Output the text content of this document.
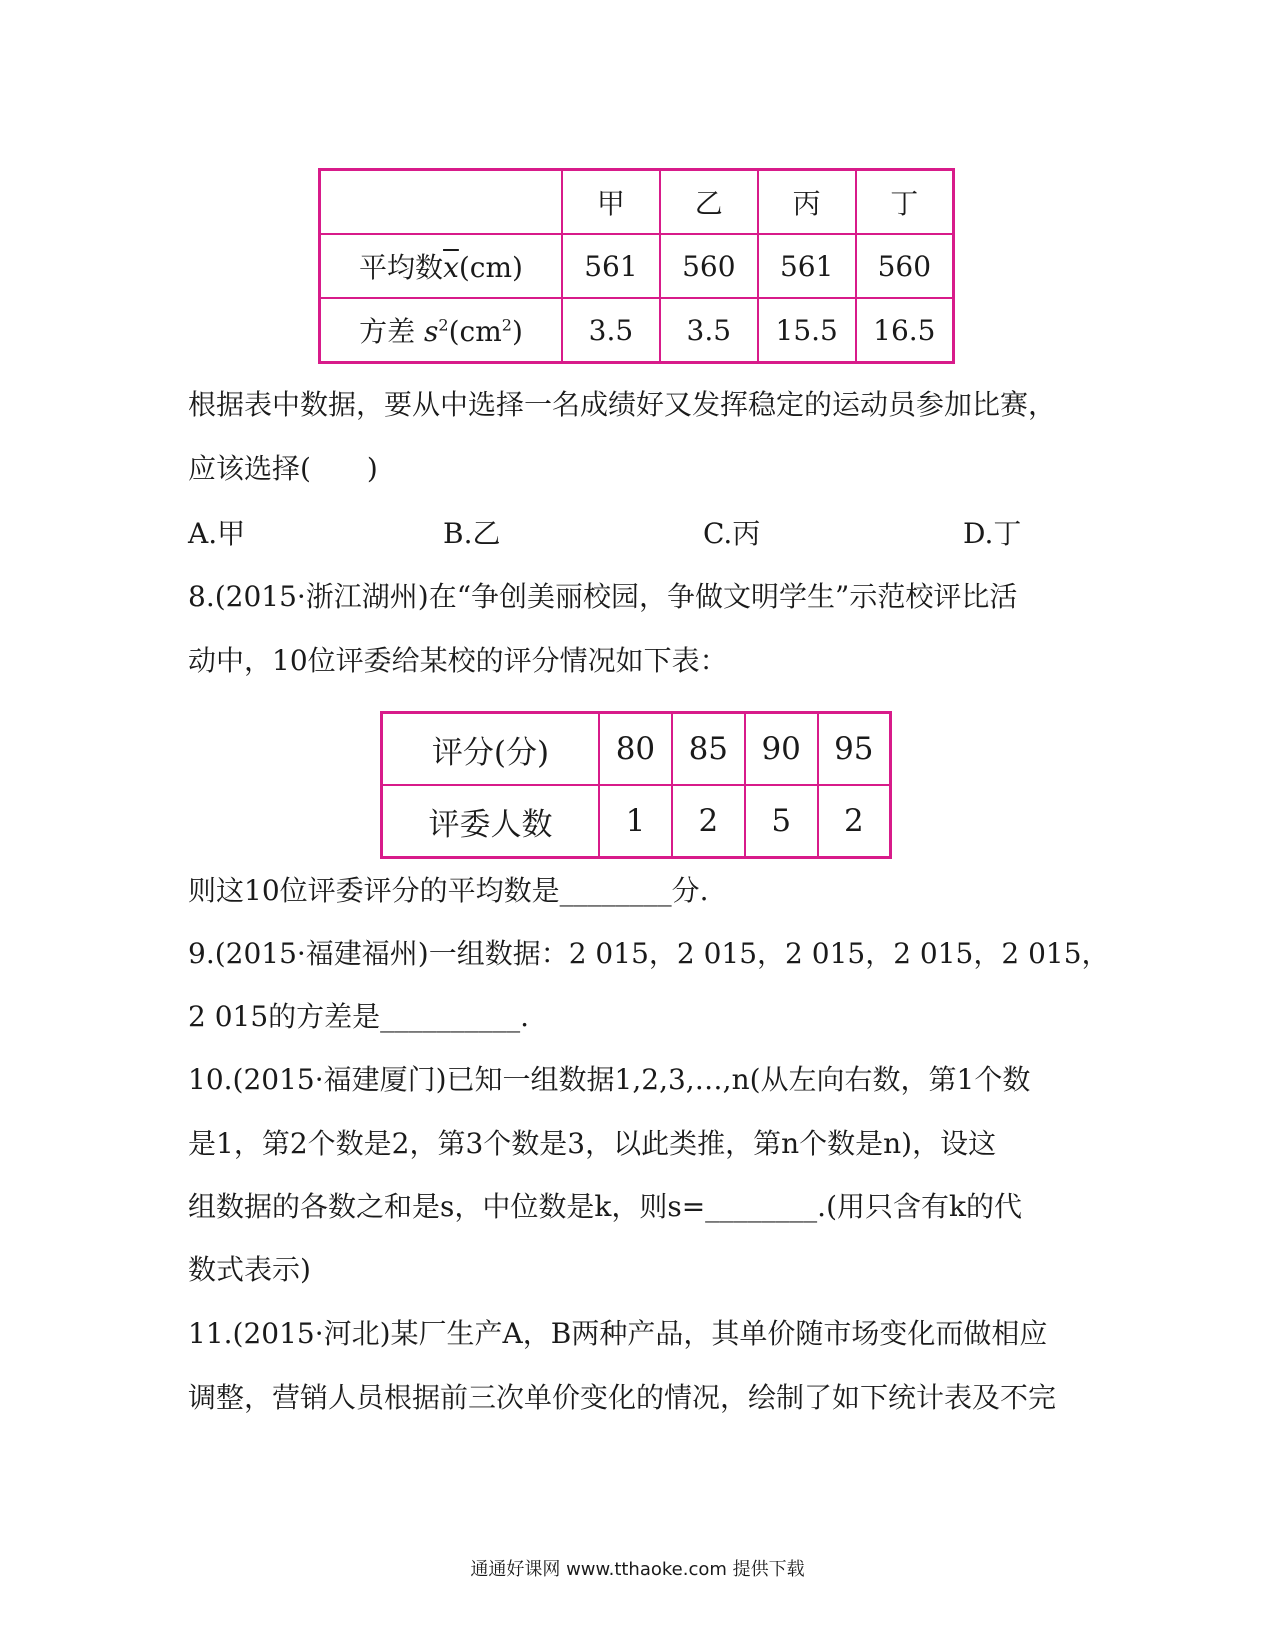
	甲	乙	丙	丁
平均数$\overline{x}(cm)$	561	560	561	560
方差 $s^2(cm^2)$	3.5	3.5	15.5	16.5
根据表中数据，要从中选择一名成绩好又发挥稳定的运动员参加比赛，
应该选择(　　)
A.甲	B.乙	C.丙	D.丁
8.(2015·浙江湖州)在“争创美丽校园，争做文明学生”示范校评比活
动中，10位评委给某校的评分情况如下表：
评分(分)	80	85	90	95
评委人数	1	2	5	2
则这10位评委评分的平均数是________分.
9.(2015·福建福州)一组数据：2 015，2 015，2 015，2 015，2 015，
2 015的方差是__________.
10.(2015·福建厦门)已知一组数据1,2,3,…,n(从左向右数，第1个数
是1，第2个数是2，第3个数是3，以此类推，第n个数是n)，设这
组数据的各数之和是s，中位数是k，则s=________.(用只含有k的代
数式表示)
11.(2015·河北)某厂生产A，B两种产品，其单价随市场变化而做相应
调整，营销人员根据前三次单价变化的情况，绘制了如下统计表及不完
通通好课网 www.tthaoke.com 提供下载
